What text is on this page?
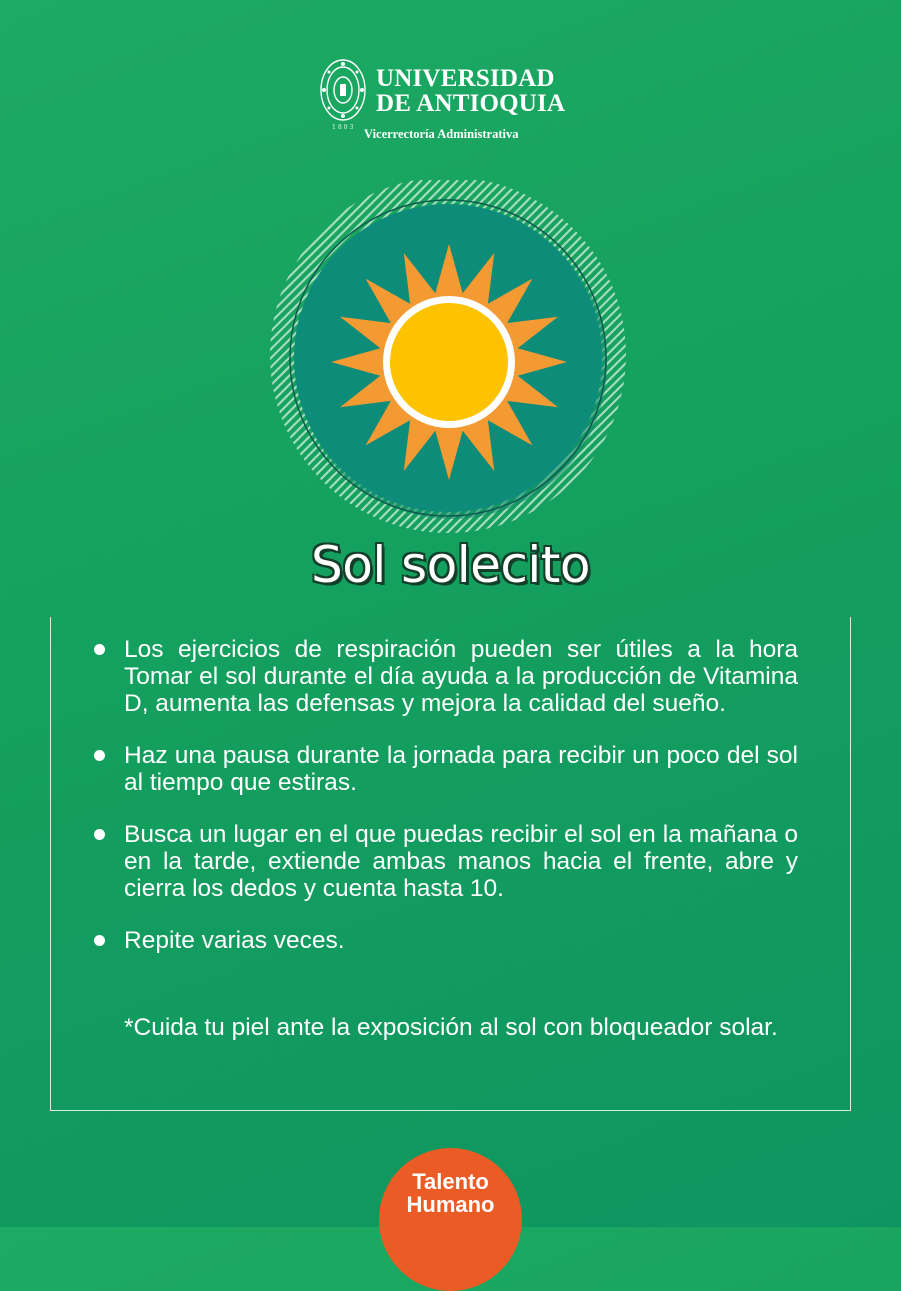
1803
UNIVERSIDAD
DE ANTIOQUIA
Vicerrectoría Administrativa
Sol solecito
Los ejercicios de respiración pueden ser útiles a la hora Tomar el sol durante el día ayuda a la producción de Vitamina D, aumenta las defensas y mejora la calidad del sueño.
Haz una pausa durante la jornada para recibir un poco del sol al tiempo que estiras.
Busca un lugar en el que puedas recibir el sol en la mañana o en la tarde, extiende ambas manos hacia el frente, abre y cierra los dedos y cuenta hasta 10.
Repite varias veces.
*Cuida tu piel ante la exposición al sol con bloqueador solar.
Talento
Humano
